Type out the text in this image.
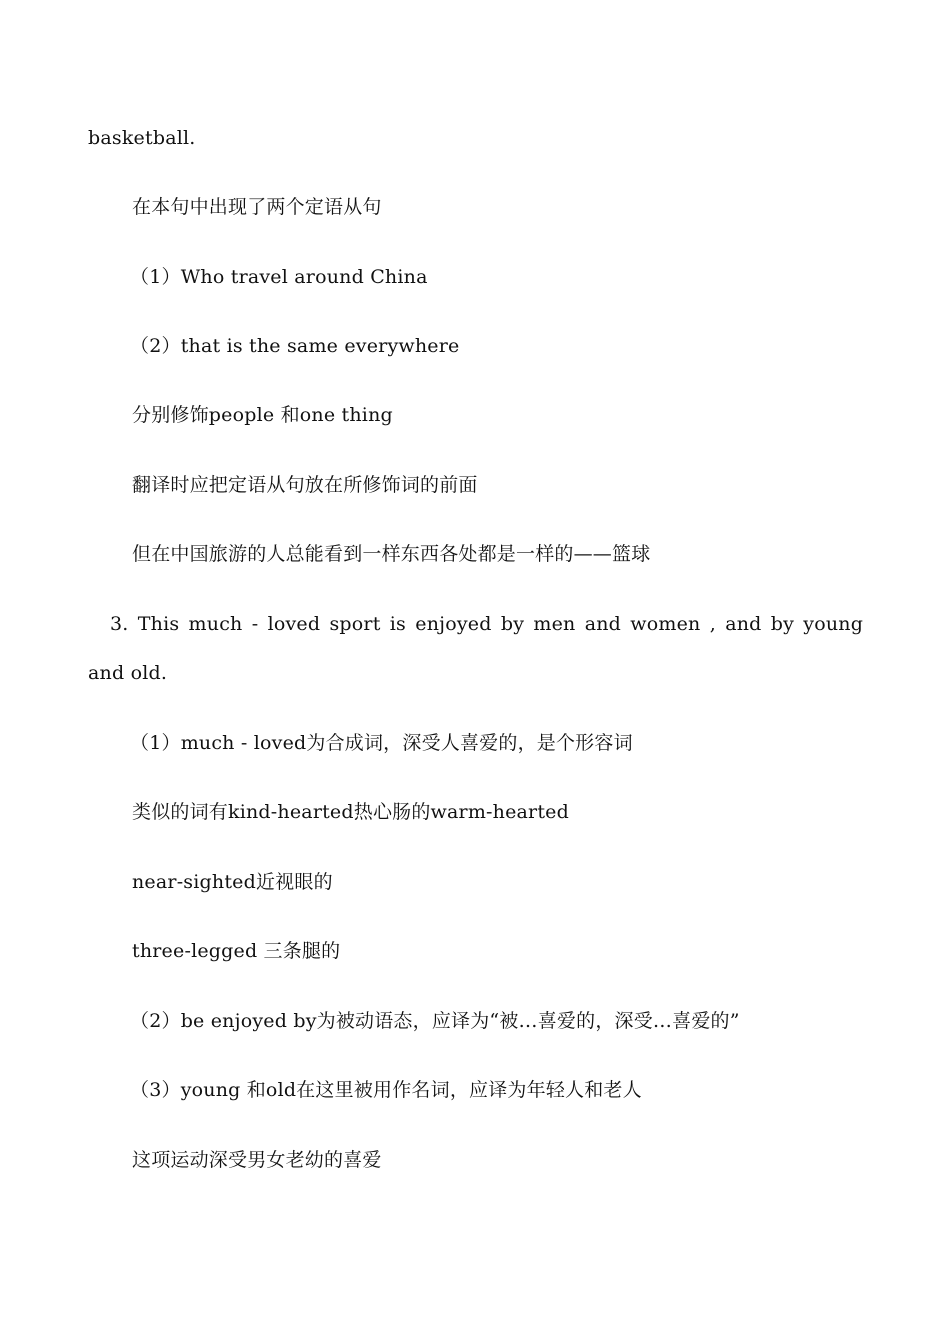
basketball.
在本句中出现了两个定语从句
（1）Who travel around China
（2）that is the same everywhere
分别修饰people 和one thing
翻译时应把定语从句放在所修饰词的前面
但在中国旅游的人总能看到一样东西各处都是一样的——篮球
3. This much - loved sport is enjoyed by men and women , and by young
and old.
（1）much - loved为合成词，深受人喜爱的，是个形容词
类似的词有kind-hearted热心肠的warm-hearted
near-sighted近视眼的
three-legged 三条腿的
（2）be enjoyed by为被动语态，应译为“被…喜爱的，深受…喜爱的”
（3）young 和old在这里被用作名词，应译为年轻人和老人
这项运动深受男女老幼的喜爱
